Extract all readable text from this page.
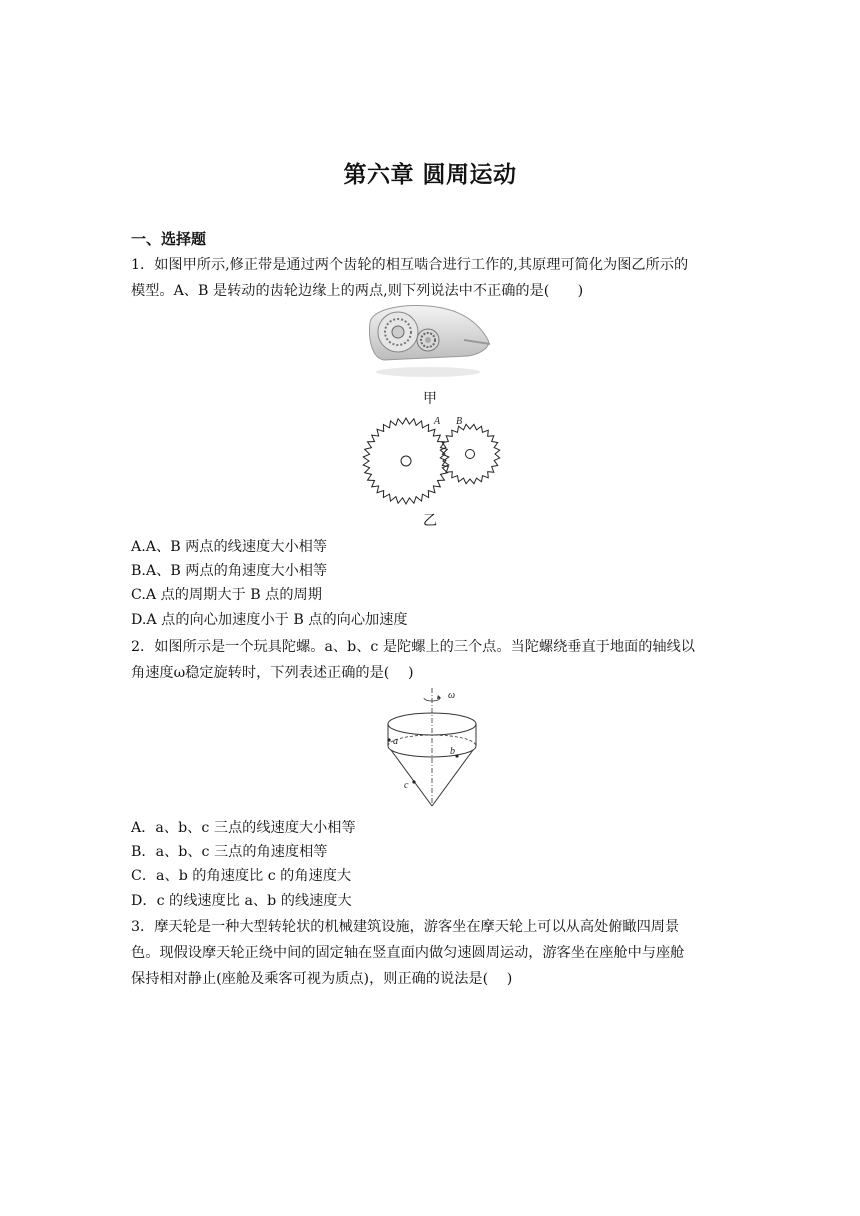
第六章 圆周运动
一、选择题
1．如图甲所示,修正带是通过两个齿轮的相互啮合进行工作的,其原理可简化为图乙所示的
模型。A、B 是转动的齿轮边缘上的两点,则下列说法中不正确的是(　　)
甲
A B
乙
A.A、B 两点的线速度大小相等
B.A、B 两点的角速度大小相等
C.A 点的周期大于 B 点的周期
D.A 点的向心加速度小于 B 点的向心加速度
2．如图所示是一个玩具陀螺。a、b、c 是陀螺上的三个点。当陀螺绕垂直于地面的轴线以
角速度ω稳定旋转时，下列表述正确的是(　 )
ω
a
b
c
A．a、b、c 三点的线速度大小相等
B．a、b、c 三点的角速度相等
C．a、b 的角速度比 c 的角速度大
D．c 的线速度比 a、b 的线速度大
3．摩天轮是一种大型转轮状的机械建筑设施，游客坐在摩天轮上可以从高处俯瞰四周景
色。现假设摩天轮正绕中间的固定轴在竖直面内做匀速圆周运动，游客坐在座舱中与座舱
保持相对静止(座舱及乘客可视为质点)，则正确的说法是(　 )
